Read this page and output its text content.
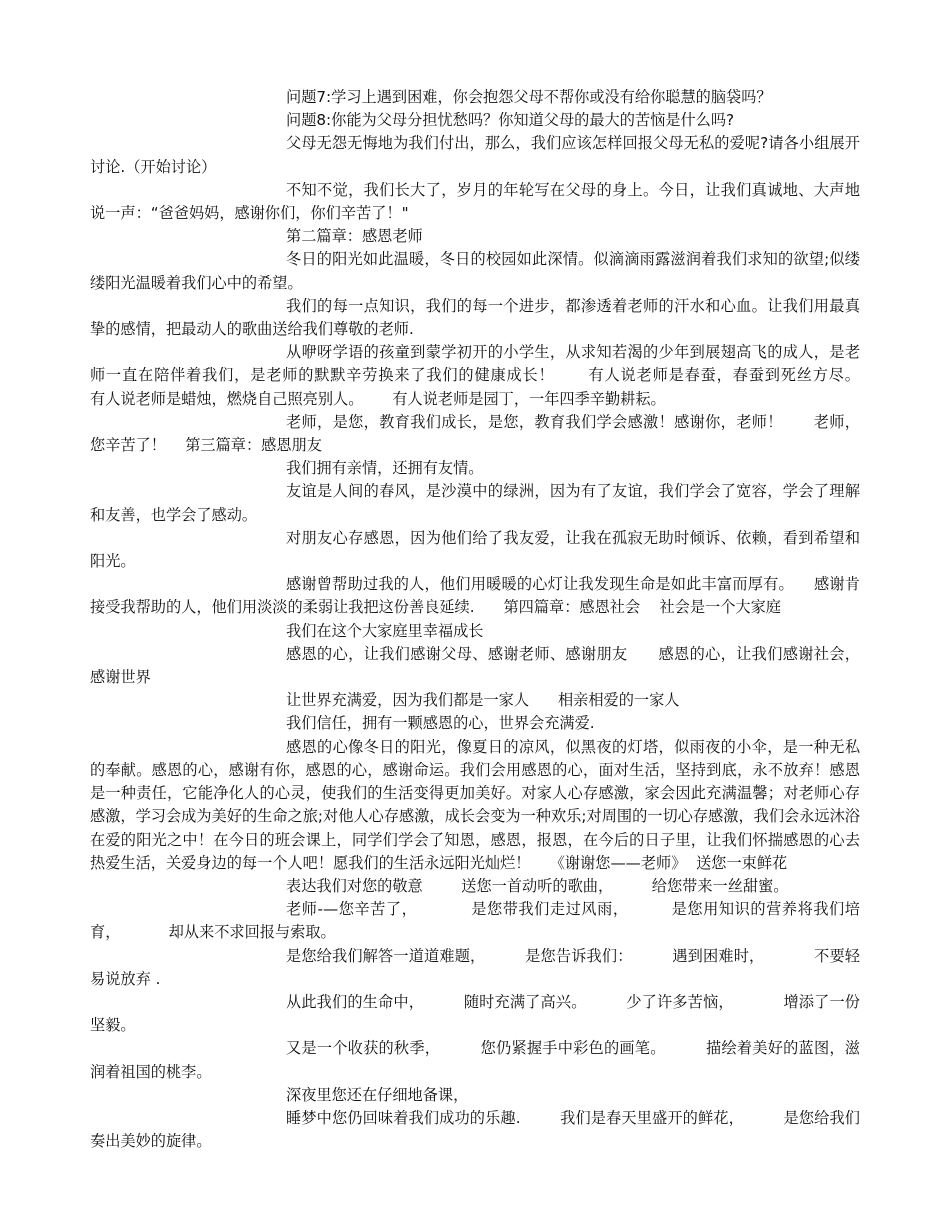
问题7:学习上遇到困难，你会抱怨父母不帮你或没有给你聪慧的脑袋吗？

问题8:你能为父母分担忧愁吗？你知道父母的最大的苦恼是什么吗?

父母无怨无悔地为我们付出，那么，我们应该怎样回报父母无私的爱呢?请各小组展开讨论.（开始讨论）

不知不觉，我们长大了，岁月的年轮写在父母的身上。今日，让我们真诚地、大声地说一声：“爸爸妈妈，感谢你们，你们辛苦了！"

第二篇章：感恩老师

冬日的阳光如此温暖，冬日的校园如此深情。似滴滴雨露滋润着我们求知的欲望;似缕缕阳光温暖着我们心中的希望。

我们的每一点知识，我们的每一个进步，都渗透着老师的汗水和心血。让我们用最真挚的感情，把最动人的歌曲送给我们尊敬的老师.

从咿呀学语的孩童到蒙学初开的小学生，从求知若渴的少年到展翅高飞的成人，是老师一直在陪伴着我们，是老师的默默辛劳换来了我们的健康成长！      有人说老师是春蚕，春蚕到死丝方尽。      有人说老师是蜡烛，燃烧自己照亮别人。      有人说老师是园丁，一年四季辛勤耕耘。

老师，是您，教育我们成长，是您，教育我们学会感激！感谢你，老师！      老师，您辛苦了！    第三篇章：感恩朋友

我们拥有亲情，还拥有友情。

友谊是人间的春风，是沙漠中的绿洲，因为有了友谊，我们学会了宽容，学会了理解和友善，也学会了感动。

对朋友心存感恩，因为他们给了我友爱，让我在孤寂无助时倾诉、依赖，看到希望和阳光。

感谢曾帮助过我的人，他们用暖暖的心灯让我发现生命是如此丰富而厚有。    感谢肯接受我帮助的人，他们用淡淡的柔弱让我把这份善良延续.      第四篇章：感恩社会    社会是一个大家庭

我们在这个大家庭里幸福成长

感恩的心，让我们感谢父母、感谢老师、感谢朋友      感恩的心，让我们感谢社会，感谢世界

让世界充满爱，因为我们都是一家人      相亲相爱的一家人

我们信任，拥有一颗感恩的心，世界会充满爱.

感恩的心像冬日的阳光，像夏日的凉风，似黑夜的灯塔，似雨夜的小伞，是一种无私的奉献。感恩的心，感谢有你，感恩的心，感谢命运。我们会用感恩的心，面对生活，坚持到底，永不放弃！感恩是一种责任，它能净化人的心灵，使我们的生活变得更加美好。对家人心存感激，家会因此充满温馨；对老师心存感激，学习会成为美好的生命之旅;对他人心存感激，成长会变为一种欢乐;对周围的一切心存感激，我们会永远沐浴在爱的阳光之中！在今日的班会课上，同学们学会了知恩，感恩，报恩，在今后的日子里，让我们怀揣感恩的心去热爱生活，关爱身边的每一个人吧！愿我们的生活永远阳光灿烂！    《谢谢您——老师》  送您一束鲜花

表达我们对您的敬意        送您一首动听的歌曲，        给您带来一丝甜蜜。

老师-—您辛苦了，          是您带我们走过风雨，        是您用知识的营养将我们培育，          却从来不求回报与索取。

是您给我们解答一道道难题，        是您告诉我们：        遇到困难时，          不要轻易说放弃 .

从此我们的生命中，        随时充满了高兴。        少了许多苦恼，          增添了一份坚毅。

又是一个收获的秋季，        您仍紧握手中彩色的画笔。        描绘着美好的蓝图，滋润着祖国的桃李。

深夜里您还在仔细地备课，

睡梦中您仍回味着我们成功的乐趣.        我们是春天里盛开的鲜花，        是您给我们奏出美妙的旋律。
